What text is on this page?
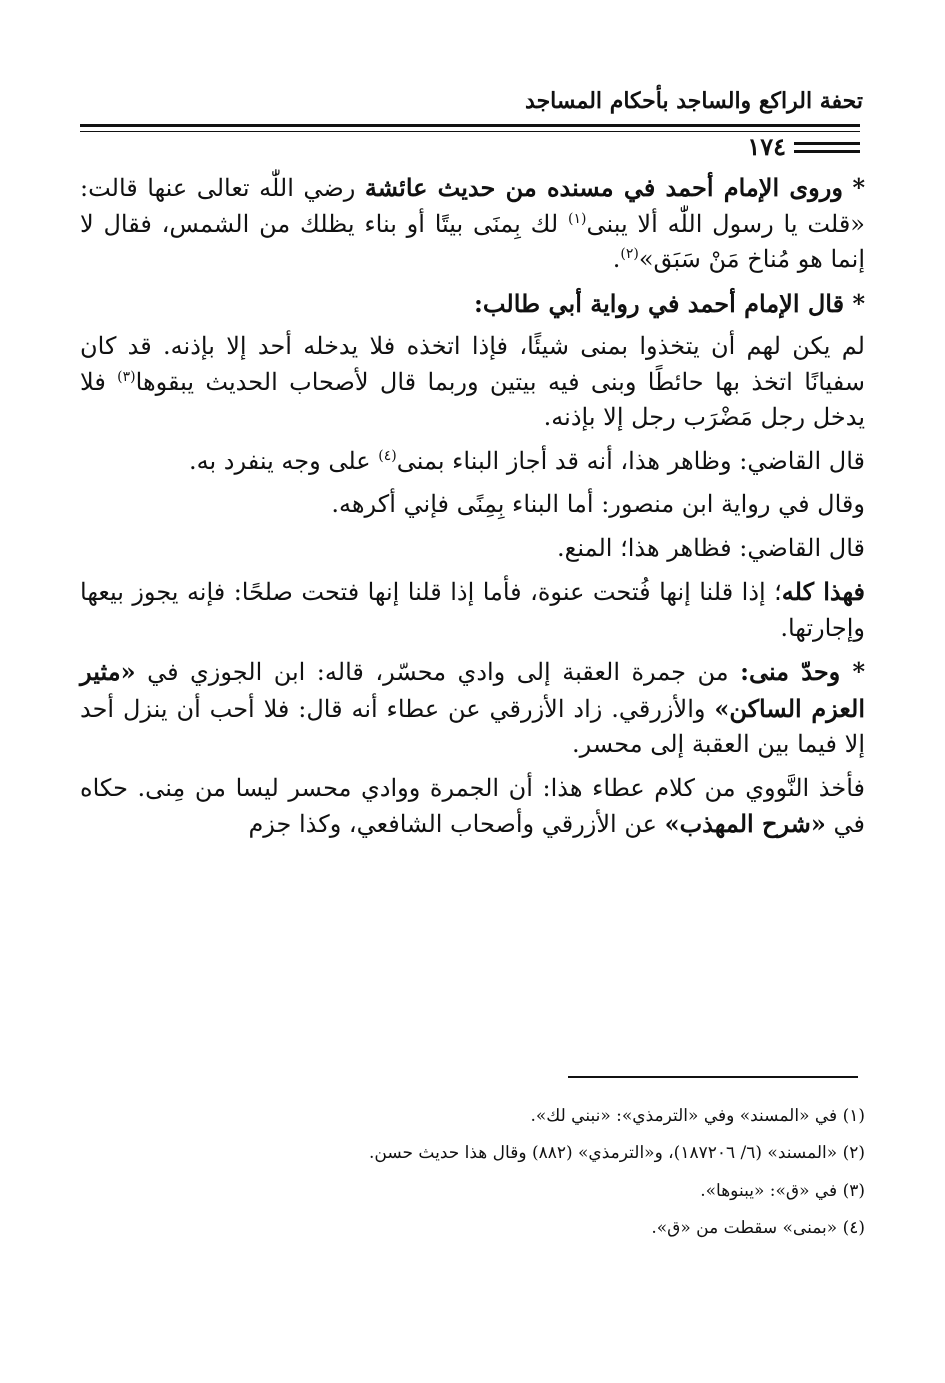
تحفة الراكع والساجد بأحكام المساجد
١٧٤

* وروى الإمام أحمد في مسنده من حديث عائشة رضي اللّٰه تعالى عنها قالت: «قلت يا رسول اللّٰه ألا يبنى$^{(١)}$ لك بِمنَى بيتًا أو بناء يظلك من الشمس، فقال لا إنما هو مُناخ مَنْ سَبَق»$^{(٢)}$.

* قال الإمام أحمد في رواية أبي طالب:

لم يكن لهم أن يتخذوا بمنى شيئًا، فإذا اتخذه فلا يدخله أحد إلا بإذنه. قد كان سفيانًا اتخذ بها حائطًا وبنى فيه بيتين وربما قال لأصحاب الحديث يبقوها$^{(٣)}$ فلا يدخل رجل مَضْرَب رجل إلا بإذنه.

قال القاضي: وظاهر هذا، أنه قد أجاز البناء بمنى$^{(٤)}$ على وجه ينفرد به.

وقال في رواية ابن منصور: أما البناء بِمِنًى فإني أكرهه.

قال القاضي: فظاهر هذا؛ المنع.

فهذا كله؛ إذا قلنا إنها فُتحت عنوة، فأما إذا قلنا إنها فتحت صلحًا: فإنه يجوز بيعها وإجارتها.

* وحدّ منى: من جمرة العقبة إلى وادي محسّر، قاله: ابن الجوزي في «مثير العزم الساكن» والأزرقي. زاد الأزرقي عن عطاء أنه قال: فلا أحب أن ينزل أحد إلا فيما بين العقبة إلى محسر.

فأخذ النَّووي من كلام عطاء هذا: أن الجمرة ووادي محسر ليسا من مِنى. حكاه في «شرح المهذب» عن الأزرقي وأصحاب الشافعي، وكذا جزم

(١) في «المسند» وفي «الترمذي»: «نبني لك».

(٢) «المسند» (٦/ ١٨٧٢٠٦)، و«الترمذي» (٨٨٢) وقال هذا حديث حسن.

(٣) في «ق»: «يبنوها».

(٤) «بمنى» سقطت من «ق».
